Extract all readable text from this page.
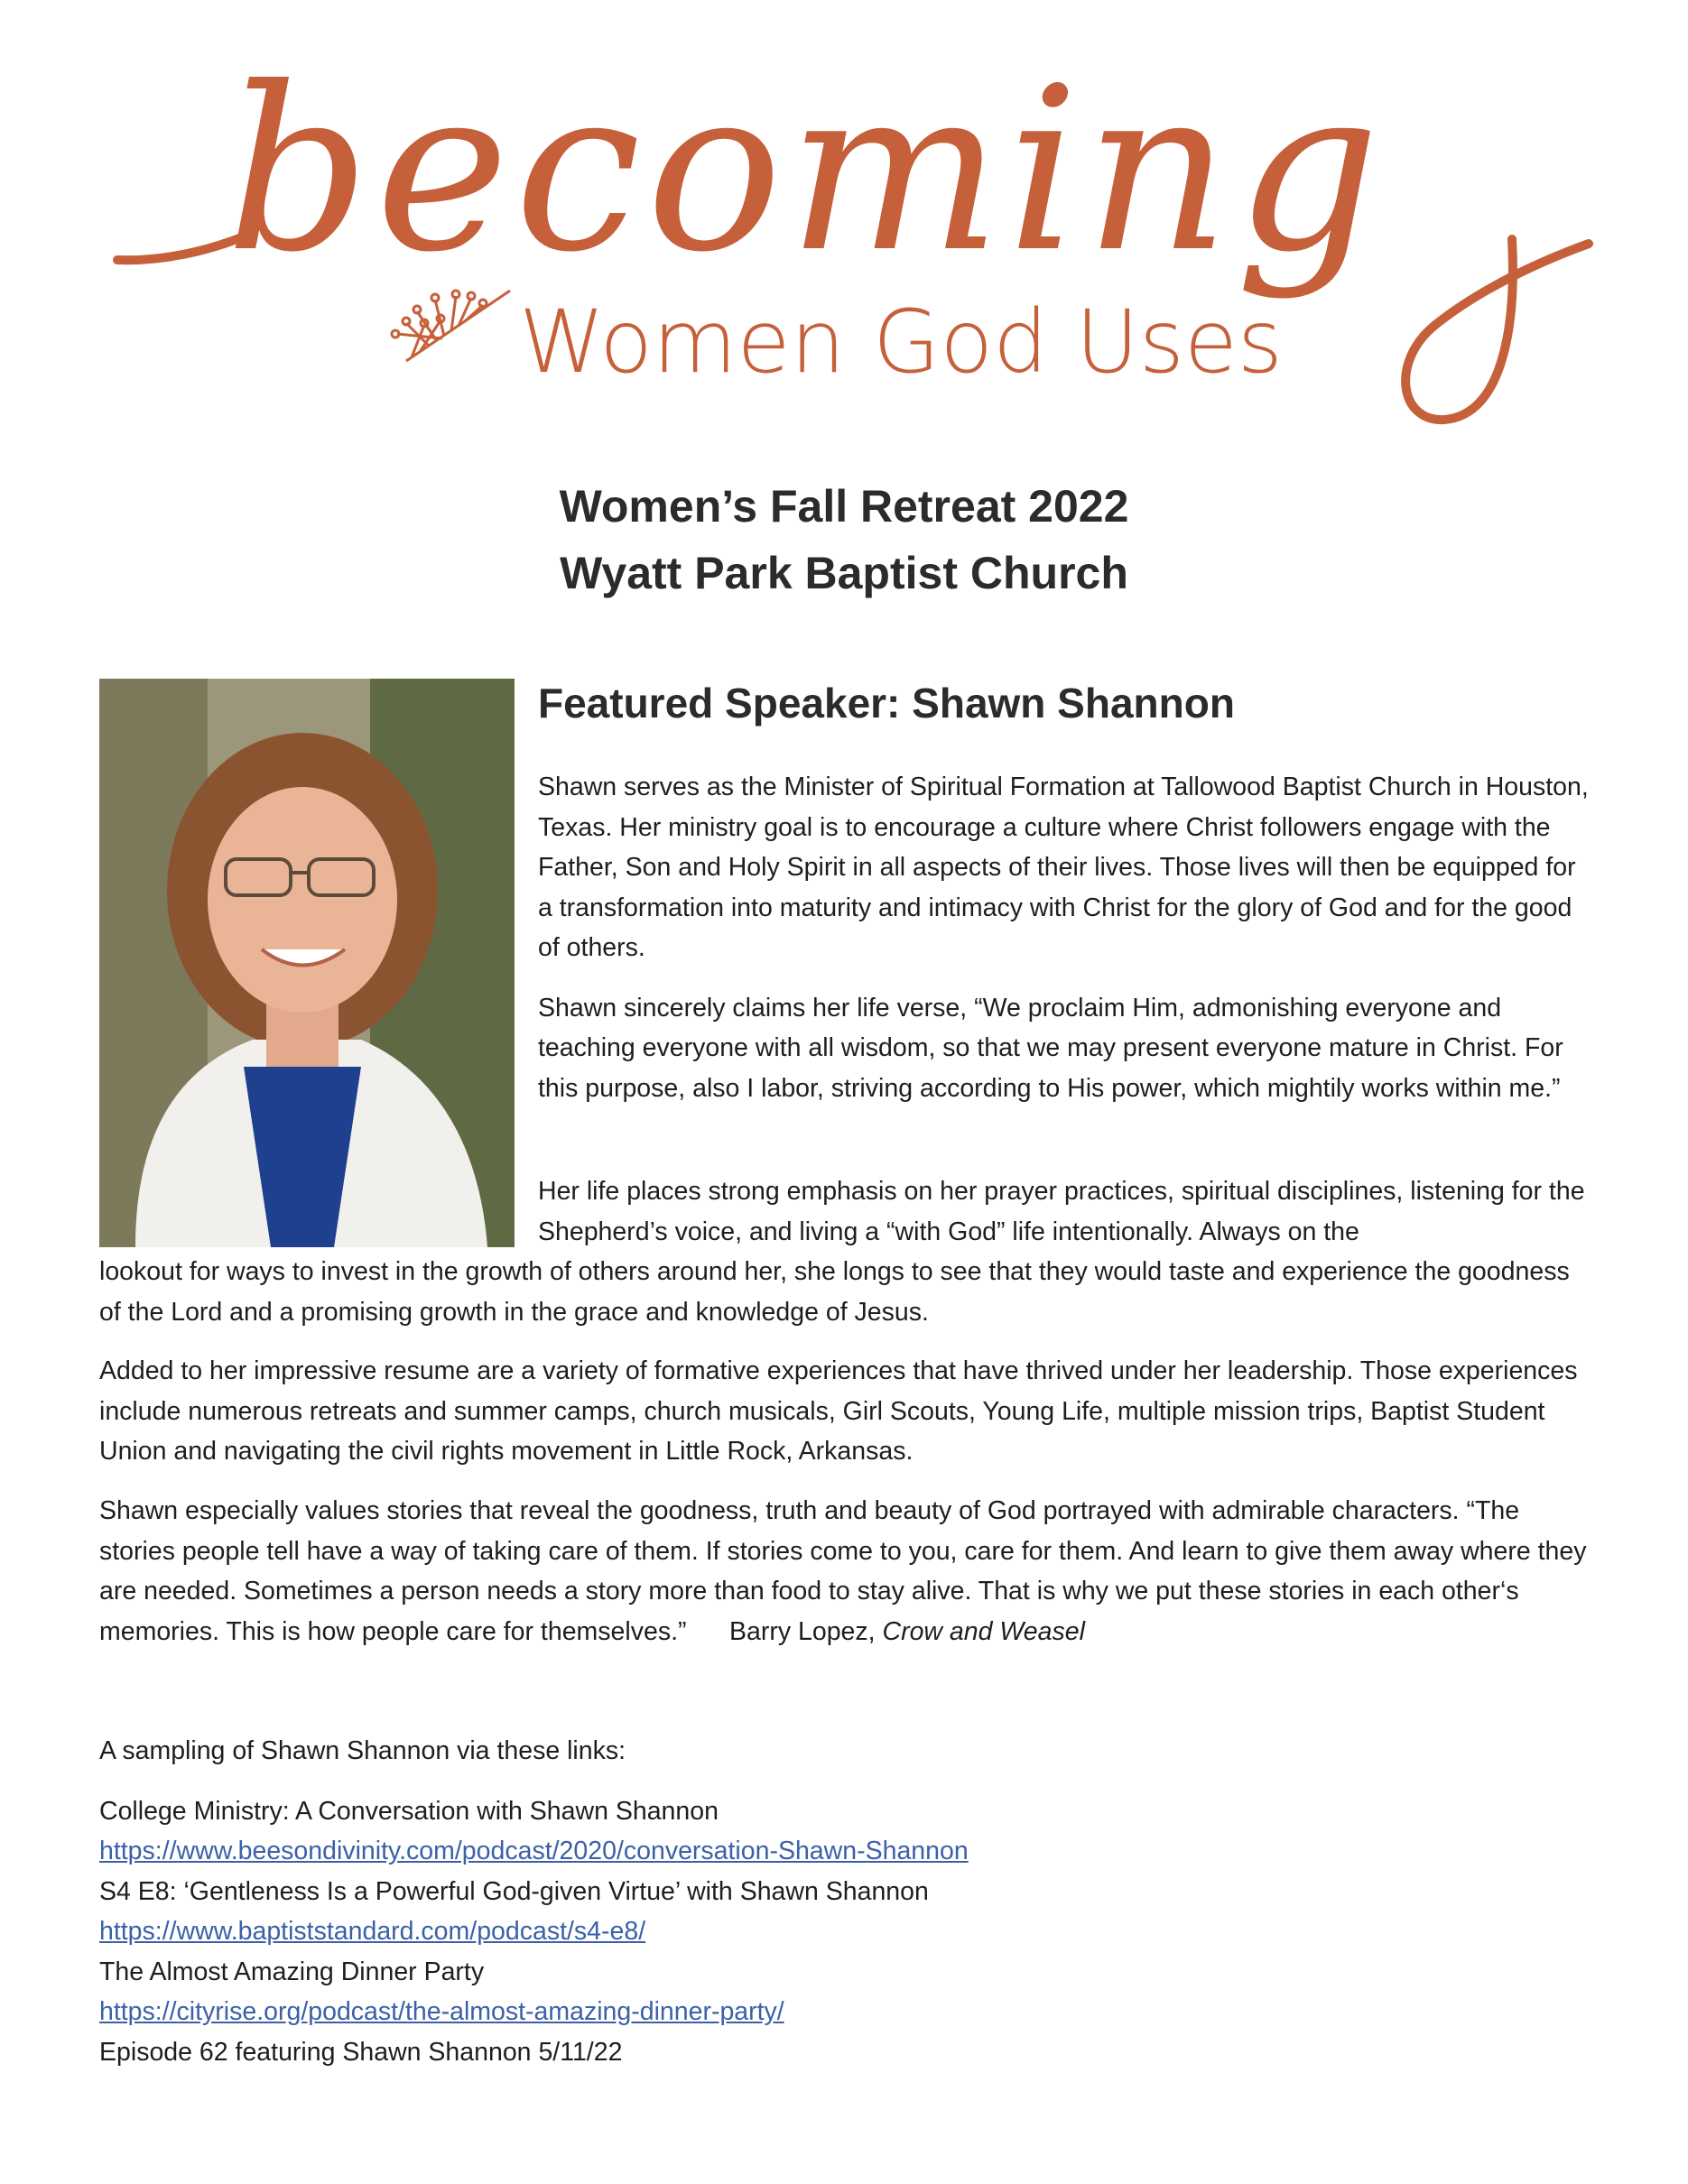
becoming
Women God Uses
Women’s Fall Retreat 2022
Wyatt Park Baptist Church
Featured Speaker: Shawn Shannon

Shawn serves as the Minister of Spiritual Formation at Tallowood Baptist Church in Houston, Texas. Her ministry goal is to encourage a culture where Christ followers engage with the Father, Son and Holy Spirit in all aspects of their lives. Those lives will then be equipped for a transformation into maturity and intimacy with Christ for the glory of God and for the good of others.

Shawn sincerely claims her life verse, “We proclaim Him, admonishing everyone and teaching everyone with all wisdom, so that we may present everyone mature in Christ. For this purpose, also I labor, striving according to His power, which mightily works within me.”

Her life places strong emphasis on her prayer practices, spiritual disciplines, listening for the Shepherd’s voice, and living a “with God” life intentionally. Always on the

lookout for ways to invest in the growth of others around her, she longs to see that they would taste and experience the goodness of the Lord and a promising growth in the grace and knowledge of Jesus.

Added to her impressive resume are a variety of formative experiences that have thrived under her leadership. Those experiences include numerous retreats and summer camps, church musicals, Girl Scouts, Young Life, multiple mission trips, Baptist Student Union and navigating the civil rights movement in Little Rock, Arkansas.

Shawn especially values stories that reveal the goodness, truth and beauty of God portrayed with admirable characters. “The stories people tell have a way of taking care of them. If stories come to you, care for them. And learn to give them away where they are needed. Sometimes a person needs a story more than food to stay alive. That is why we put these stories in each other‘s memories. This is how people care for themselves.” Barry Lopez, Crow and Weasel

A sampling of Shawn Shannon via these links:
College Ministry: A Conversation with Shawn Shannon
https://www.beesondivinity.com/podcast/2020/conversation-Shawn-Shannon
S4 E8: ‘Gentleness Is a Powerful God-given Virtue’ with Shawn Shannon
https://www.baptiststandard.com/podcast/s4-e8/
The Almost Amazing Dinner Party
https://cityrise.org/podcast/the-almost-amazing-dinner-party/
Episode 62 featuring Shawn Shannon 5/11/22
